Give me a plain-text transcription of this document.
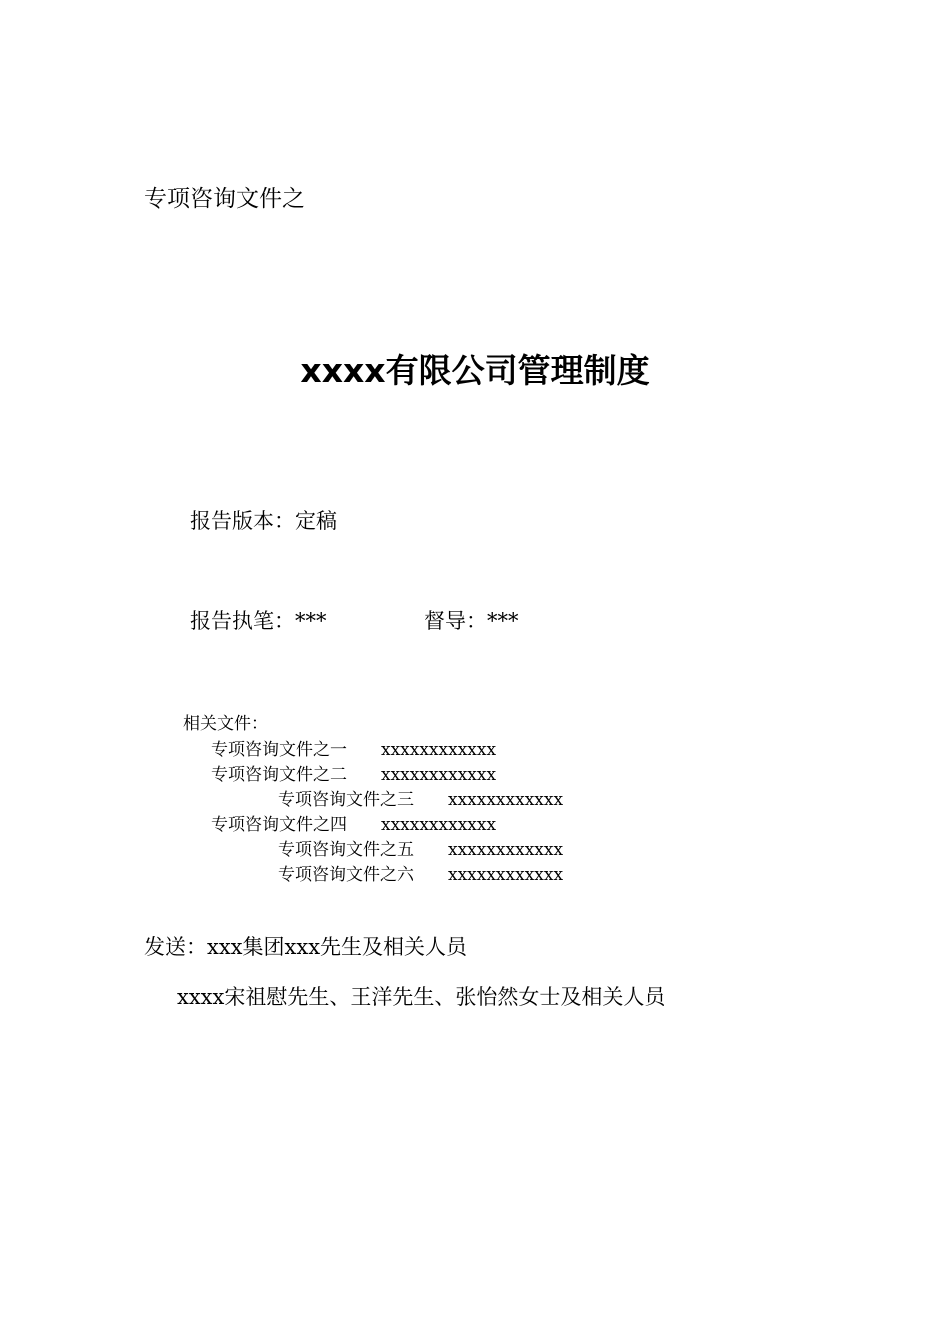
专项咨询文件之
xxxx有限公司管理制度
报告版本：定稿
报告执笔：***	督导：***
相关文件：
专项咨询文件之一 xxxxxxxxxxxx
专项咨询文件之二 xxxxxxxxxxxx
专项咨询文件之三 xxxxxxxxxxxx
专项咨询文件之四 xxxxxxxxxxxx
专项咨询文件之五 xxxxxxxxxxxx
专项咨询文件之六 xxxxxxxxxxxx
发送：xxx集团xxx先生及相关人员
xxxx宋祖慰先生、王洋先生、张怡然女士及相关人员
